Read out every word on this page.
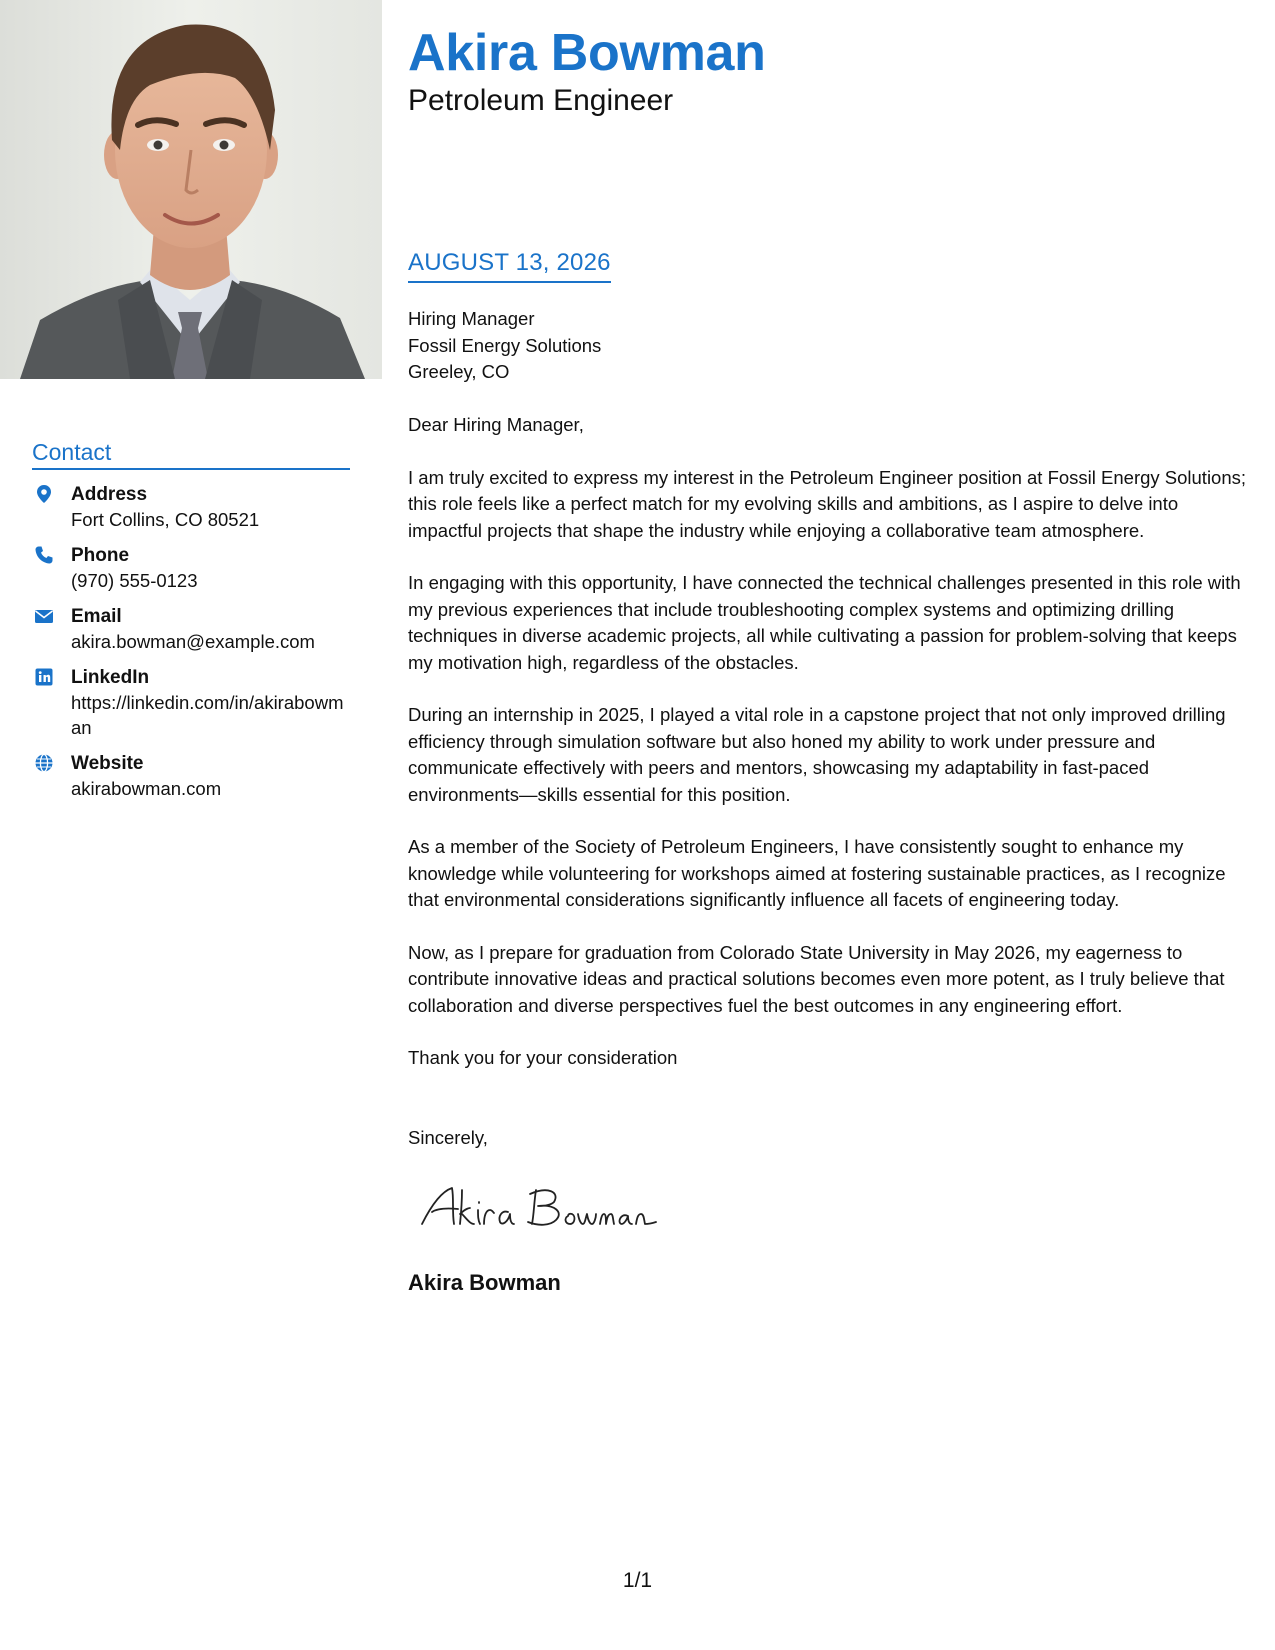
Akira Bowman
Petroleum Engineer
Contact
Address
Fort Collins, CO 80521
Phone
(970) 555-0123
Email
akira.bowman@example.com
LinkedIn
https://linkedin.com/in/akirabowman
Website
akirabowman.com
AUGUST 13, 2026
Hiring Manager
Fossil Energy Solutions
Greeley, CO

Dear Hiring Manager,

I am truly excited to express my interest in the Petroleum Engineer position at Fossil Energy Solutions; this role feels like a perfect match for my evolving skills and ambitions, as I aspire to delve into impactful projects that shape the industry while enjoying a collaborative team atmosphere.

In engaging with this opportunity, I have connected the technical challenges presented in this role with my previous experiences that include troubleshooting complex systems and optimizing drilling techniques in diverse academic projects, all while cultivating a passion for problem-solving that keeps my motivation high, regardless of the obstacles.

During an internship in 2025, I played a vital role in a capstone project that not only improved drilling efficiency through simulation software but also honed my ability to work under pressure and communicate effectively with peers and mentors, showcasing my adaptability in fast-paced environments—skills essential for this position.

As a member of the Society of Petroleum Engineers, I have consistently sought to enhance my knowledge while volunteering for workshops aimed at fostering sustainable practices, as I recognize that environmental considerations significantly influence all facets of engineering today.

Now, as I prepare for graduation from Colorado State University in May 2026, my eagerness to contribute innovative ideas and practical solutions becomes even more potent, as I truly believe that collaboration and diverse perspectives fuel the best outcomes in any engineering effort.

Thank you for your consideration

Sincerely,
Akira Bowman
1/1
